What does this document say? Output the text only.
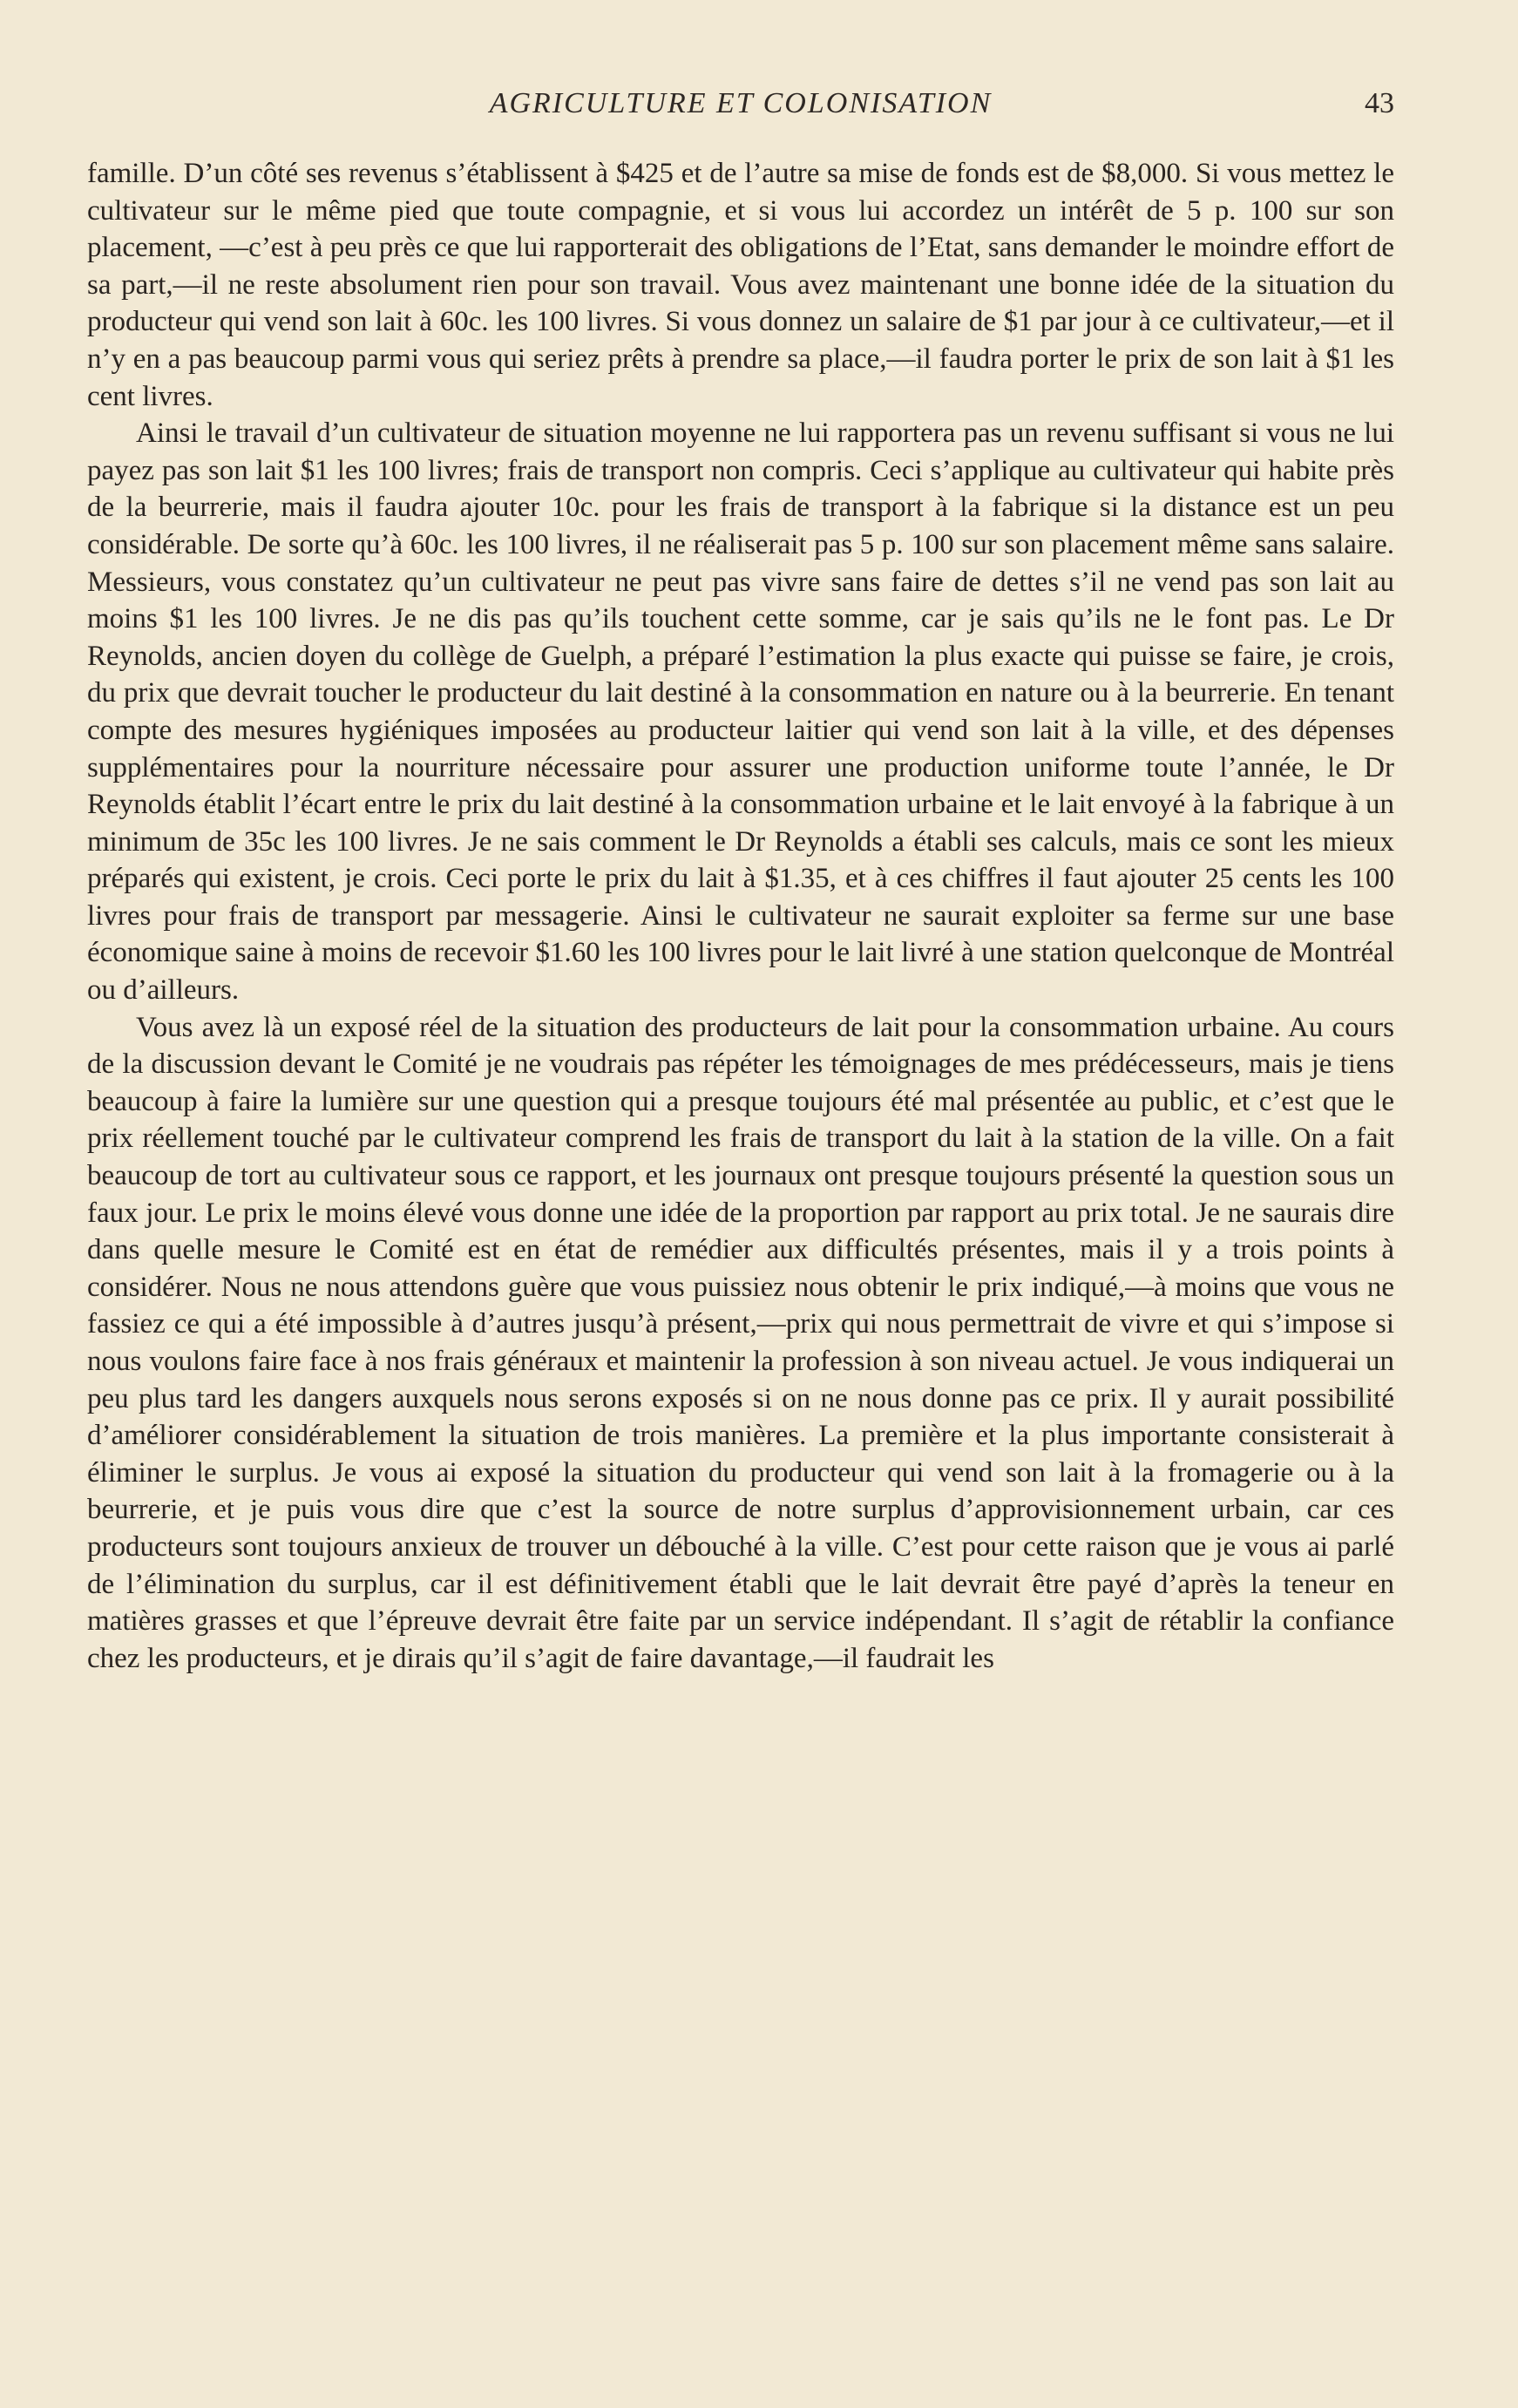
AGRICULTURE ET COLONISATION	43

famille. D’un côté ses revenus s’établissent à $425 et de l’autre sa mise de fonds est de $8,000. Si vous mettez le cultivateur sur le même pied que toute compagnie, et si vous lui accordez un intérêt de 5 p. 100 sur son placement, —c’est à peu près ce que lui rapporterait des obligations de l’Etat, sans demander le moindre effort de sa part,—il ne reste absolument rien pour son travail. Vous avez maintenant une bonne idée de la situation du producteur qui vend son lait à 60c. les 100 livres. Si vous donnez un salaire de $1 par jour à ce cultivateur,—et il n’y en a pas beaucoup parmi vous qui seriez prêts à prendre sa place,—il faudra porter le prix de son lait à $1 les cent livres.

Ainsi le travail d’un cultivateur de situation moyenne ne lui rapportera pas un revenu suffisant si vous ne lui payez pas son lait $1 les 100 livres; frais de transport non compris. Ceci s’applique au cultivateur qui habite près de la beurrerie, mais il faudra ajouter 10c. pour les frais de transport à la fabrique si la distance est un peu considérable. De sorte qu’à 60c. les 100 livres, il ne réaliserait pas 5 p. 100 sur son placement même sans salaire. Messieurs, vous constatez qu’un cultivateur ne peut pas vivre sans faire de dettes s’il ne vend pas son lait au moins $1 les 100 livres. Je ne dis pas qu’ils touchent cette somme, car je sais qu’ils ne le font pas. Le Dr Reynolds, ancien doyen du collège de Guelph, a préparé l’estimation la plus exacte qui puisse se faire, je crois, du prix que devrait toucher le producteur du lait destiné à la consommation en nature ou à la beurrerie. En tenant compte des mesures hygiéniques imposées au producteur laitier qui vend son lait à la ville, et des dépenses supplémentaires pour la nourriture nécessaire pour assurer une production uniforme toute l’année, le Dr Reynolds établit l’écart entre le prix du lait destiné à la consommation urbaine et le lait envoyé à la fabrique à un minimum de 35c les 100 livres. Je ne sais comment le Dr Reynolds a établi ses calculs, mais ce sont les mieux préparés qui existent, je crois. Ceci porte le prix du lait à $1.35, et à ces chiffres il faut ajouter 25 cents les 100 livres pour frais de transport par messagerie. Ainsi le cultivateur ne saurait exploiter sa ferme sur une base économique saine à moins de recevoir $1.60 les 100 livres pour le lait livré à une station quelconque de Montréal ou d’ailleurs.

Vous avez là un exposé réel de la situation des producteurs de lait pour la consommation urbaine. Au cours de la discussion devant le Comité je ne voudrais pas répéter les témoignages de mes prédécesseurs, mais je tiens beaucoup à faire la lumière sur une question qui a presque toujours été mal présentée au public, et c’est que le prix réellement touché par le cultivateur comprend les frais de transport du lait à la station de la ville. On a fait beaucoup de tort au cultivateur sous ce rapport, et les journaux ont presque toujours présenté la question sous un faux jour. Le prix le moins élevé vous donne une idée de la proportion par rapport au prix total. Je ne saurais dire dans quelle mesure le Comité est en état de remédier aux difficultés présentes, mais il y a trois points à considérer. Nous ne nous attendons guère que vous puissiez nous obtenir le prix indiqué,—à moins que vous ne fassiez ce qui a été impossible à d’autres jusqu’à présent,—prix qui nous permettrait de vivre et qui s’impose si nous voulons faire face à nos frais généraux et maintenir la profession à son niveau actuel. Je vous indiquerai un peu plus tard les dangers auxquels nous serons exposés si on ne nous donne pas ce prix. Il y aurait possibilité d’améliorer considérablement la situation de trois manières. La première et la plus importante consisterait à éliminer le surplus. Je vous ai exposé la situation du producteur qui vend son lait à la fromagerie ou à la beurrerie, et je puis vous dire que c’est la source de notre surplus d’approvisionnement urbain, car ces producteurs sont toujours anxieux de trouver un débouché à la ville. C’est pour cette raison que je vous ai parlé de l’élimination du surplus, car il est définitivement établi que le lait devrait être payé d’après la teneur en matières grasses et que l’épreuve devrait être faite par un service indépendant. Il s’agit de rétablir la confiance chez les producteurs, et je dirais qu’il s’agit de faire davantage,—il faudrait les
